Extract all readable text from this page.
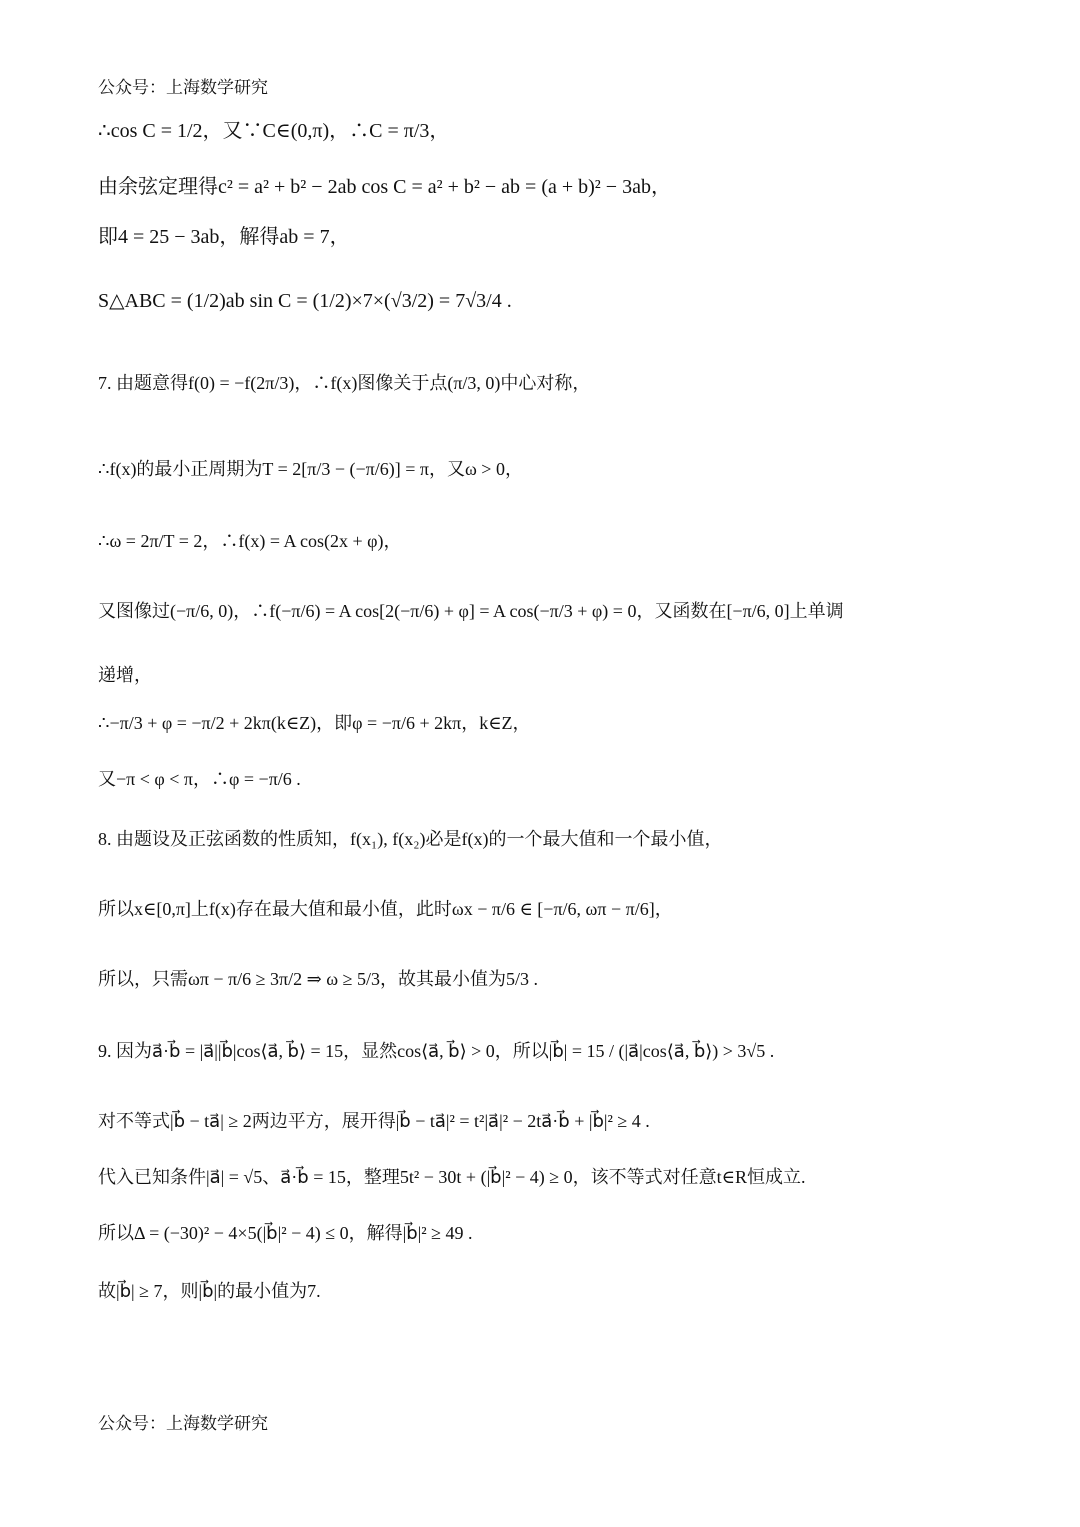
公众号：上海数学研究
∴cos C = 1/2，又∵C∈(0,π)，∴C = π/3，
由余弦定理得c² = a² + b² − 2ab cos C = a² + b² − ab = (a + b)² − 3ab，
即4 = 25 − 3ab，解得ab = 7，
S△ABC = (1/2)ab sin C = (1/2)×7×(√3/2) = 7√3/4 .
7. 由题意得f(0) = −f(2π/3)，∴f(x)图像关于点(π/3, 0)中心对称，
∴f(x)的最小正周期为T = 2[π/3 − (−π/6)] = π，又ω > 0，
∴ω = 2π/T = 2，∴f(x) = A cos(2x + φ)，
又图像过(−π/6, 0)，∴f(−π/6) = A cos[2(−π/6) + φ] = A cos(−π/3 + φ) = 0，又函数在[−π/6, 0]上单调
递增，
∴−π/3 + φ = −π/2 + 2kπ(k∈Z)，即φ = −π/6 + 2kπ，k∈Z，
又−π < φ < π，∴φ = −π/6 .
8. 由题设及正弦函数的性质知，f(x₁), f(x₂)必是f(x)的一个最大值和一个最小值，
所以x∈[0,π]上f(x)存在最大值和最小值，此时ωx − π/6 ∈ [−π/6, ωπ − π/6]，
所以，只需ωπ − π/6 ≥ 3π/2 ⇒ ω ≥ 5/3，故其最小值为5/3 .
9. 因为a⃗·b⃗ = |a⃗||b⃗|cos⟨a⃗, b⃗⟩ = 15，显然cos⟨a⃗, b⃗⟩ > 0，所以|b⃗| = 15 / (|a⃗|cos⟨a⃗, b⃗⟩) > 3√5 .
对不等式|b⃗ − ta⃗| ≥ 2两边平方，展开得|b⃗ − ta⃗|² = t²|a⃗|² − 2ta⃗·b⃗ + |b⃗|² ≥ 4 .
代入已知条件|a⃗| = √5、a⃗·b⃗ = 15，整理5t² − 30t + (|b⃗|² − 4) ≥ 0，该不等式对任意t∈R恒成立.
所以Δ = (−30)² − 4×5(|b⃗|² − 4) ≤ 0，解得|b⃗|² ≥ 49 .
故|b⃗| ≥ 7，则|b⃗|的最小值为7.
公众号：上海数学研究
